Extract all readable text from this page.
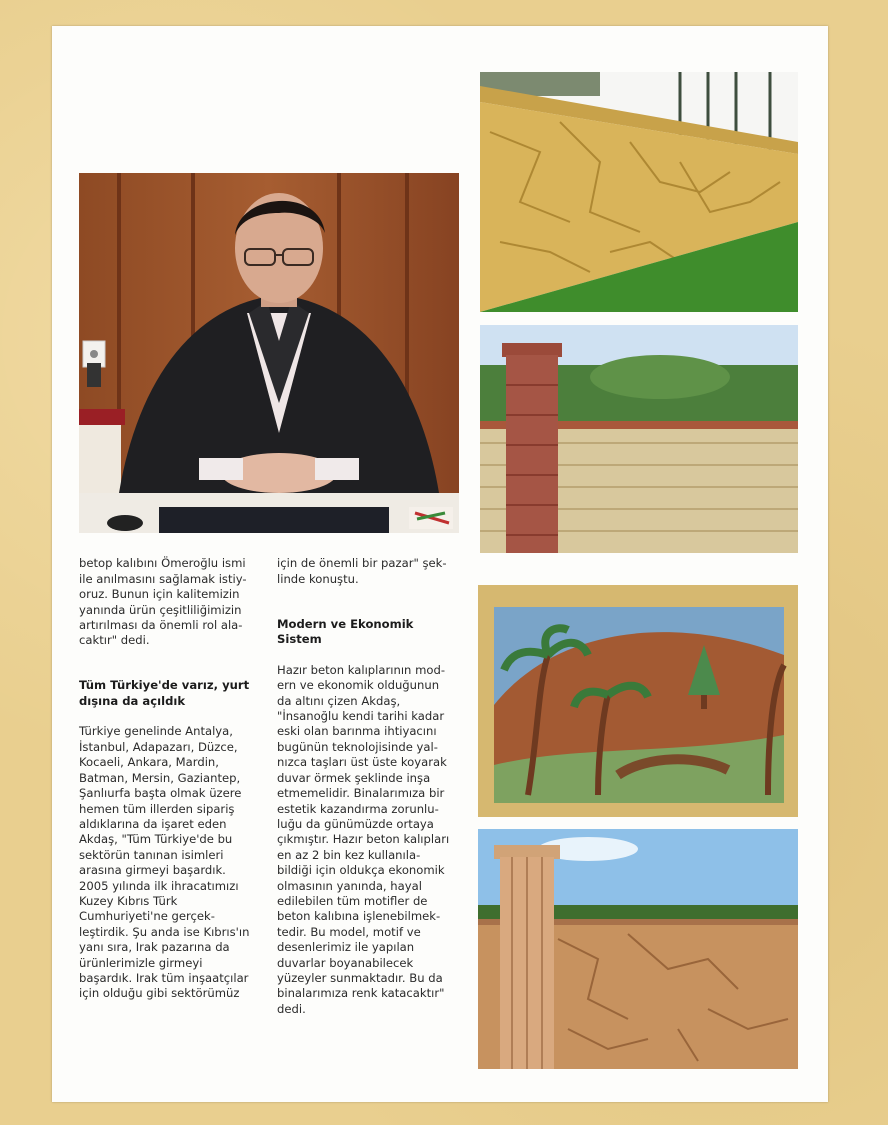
betop kalıbını Ömeroğlu ismi
ile anılmasını sağlamak istiy-
oruz. Bunun için kalitemizin
yanında ürün çeşitliliğimizin
artırılması da önemli rol ala-
caktır" dedi.

Tüm Türkiye'de varız, yurt
dışına da açıldık

Türkiye genelinde Antalya,
İstanbul, Adapazarı, Düzce,
Kocaeli, Ankara, Mardin,
Batman, Mersin, Gaziantep,
Şanlıurfa başta olmak üzere
hemen tüm illerden sipariş
aldıklarına da işaret eden
Akdaş, "Tüm Türkiye'de bu
sektörün tanınan isimleri
arasına girmeyi başardık.
2005 yılında ilk ihracatımızı
Kuzey Kıbrıs Türk
Cumhuriyeti'ne gerçek-
leştirdik. Şu anda ise Kıbrıs'ın
yanı sıra, Irak pazarına da
ürünlerimizle girmeyi
başardık. Irak tüm inşaatçılar
için olduğu gibi sektörümüz

için de önemli bir pazar" şek-
linde konuştu.

Modern ve Ekonomik Sistem

Hazır beton kalıplarının mod-
ern ve ekonomik olduğunun
da altını çizen Akdaş,
"İnsanoğlu kendi tarihi kadar
eski olan barınma ihtiyacını
bugünün teknolojisinde yal-
nızca taşları üst üste koyarak
duvar örmek şeklinde inşa
etmemelidir. Binalarımıza bir
estetik kazandırma zorunlu-
luğu da günümüzde ortaya
çıkmıştır. Hazır beton kalıpları
en az 2 bin kez kullanıla-
bildiği için oldukça ekonomik
olmasının yanında, hayal
edilebilen tüm motifler de
beton kalıbına işlenebilmek-
tedir. Bu model, motif ve
desenlerimiz ile yapılan
duvarlar boyanabilecek
yüzeyler sunmaktadır. Bu da
binalarımıza renk katacaktır"
dedi.
